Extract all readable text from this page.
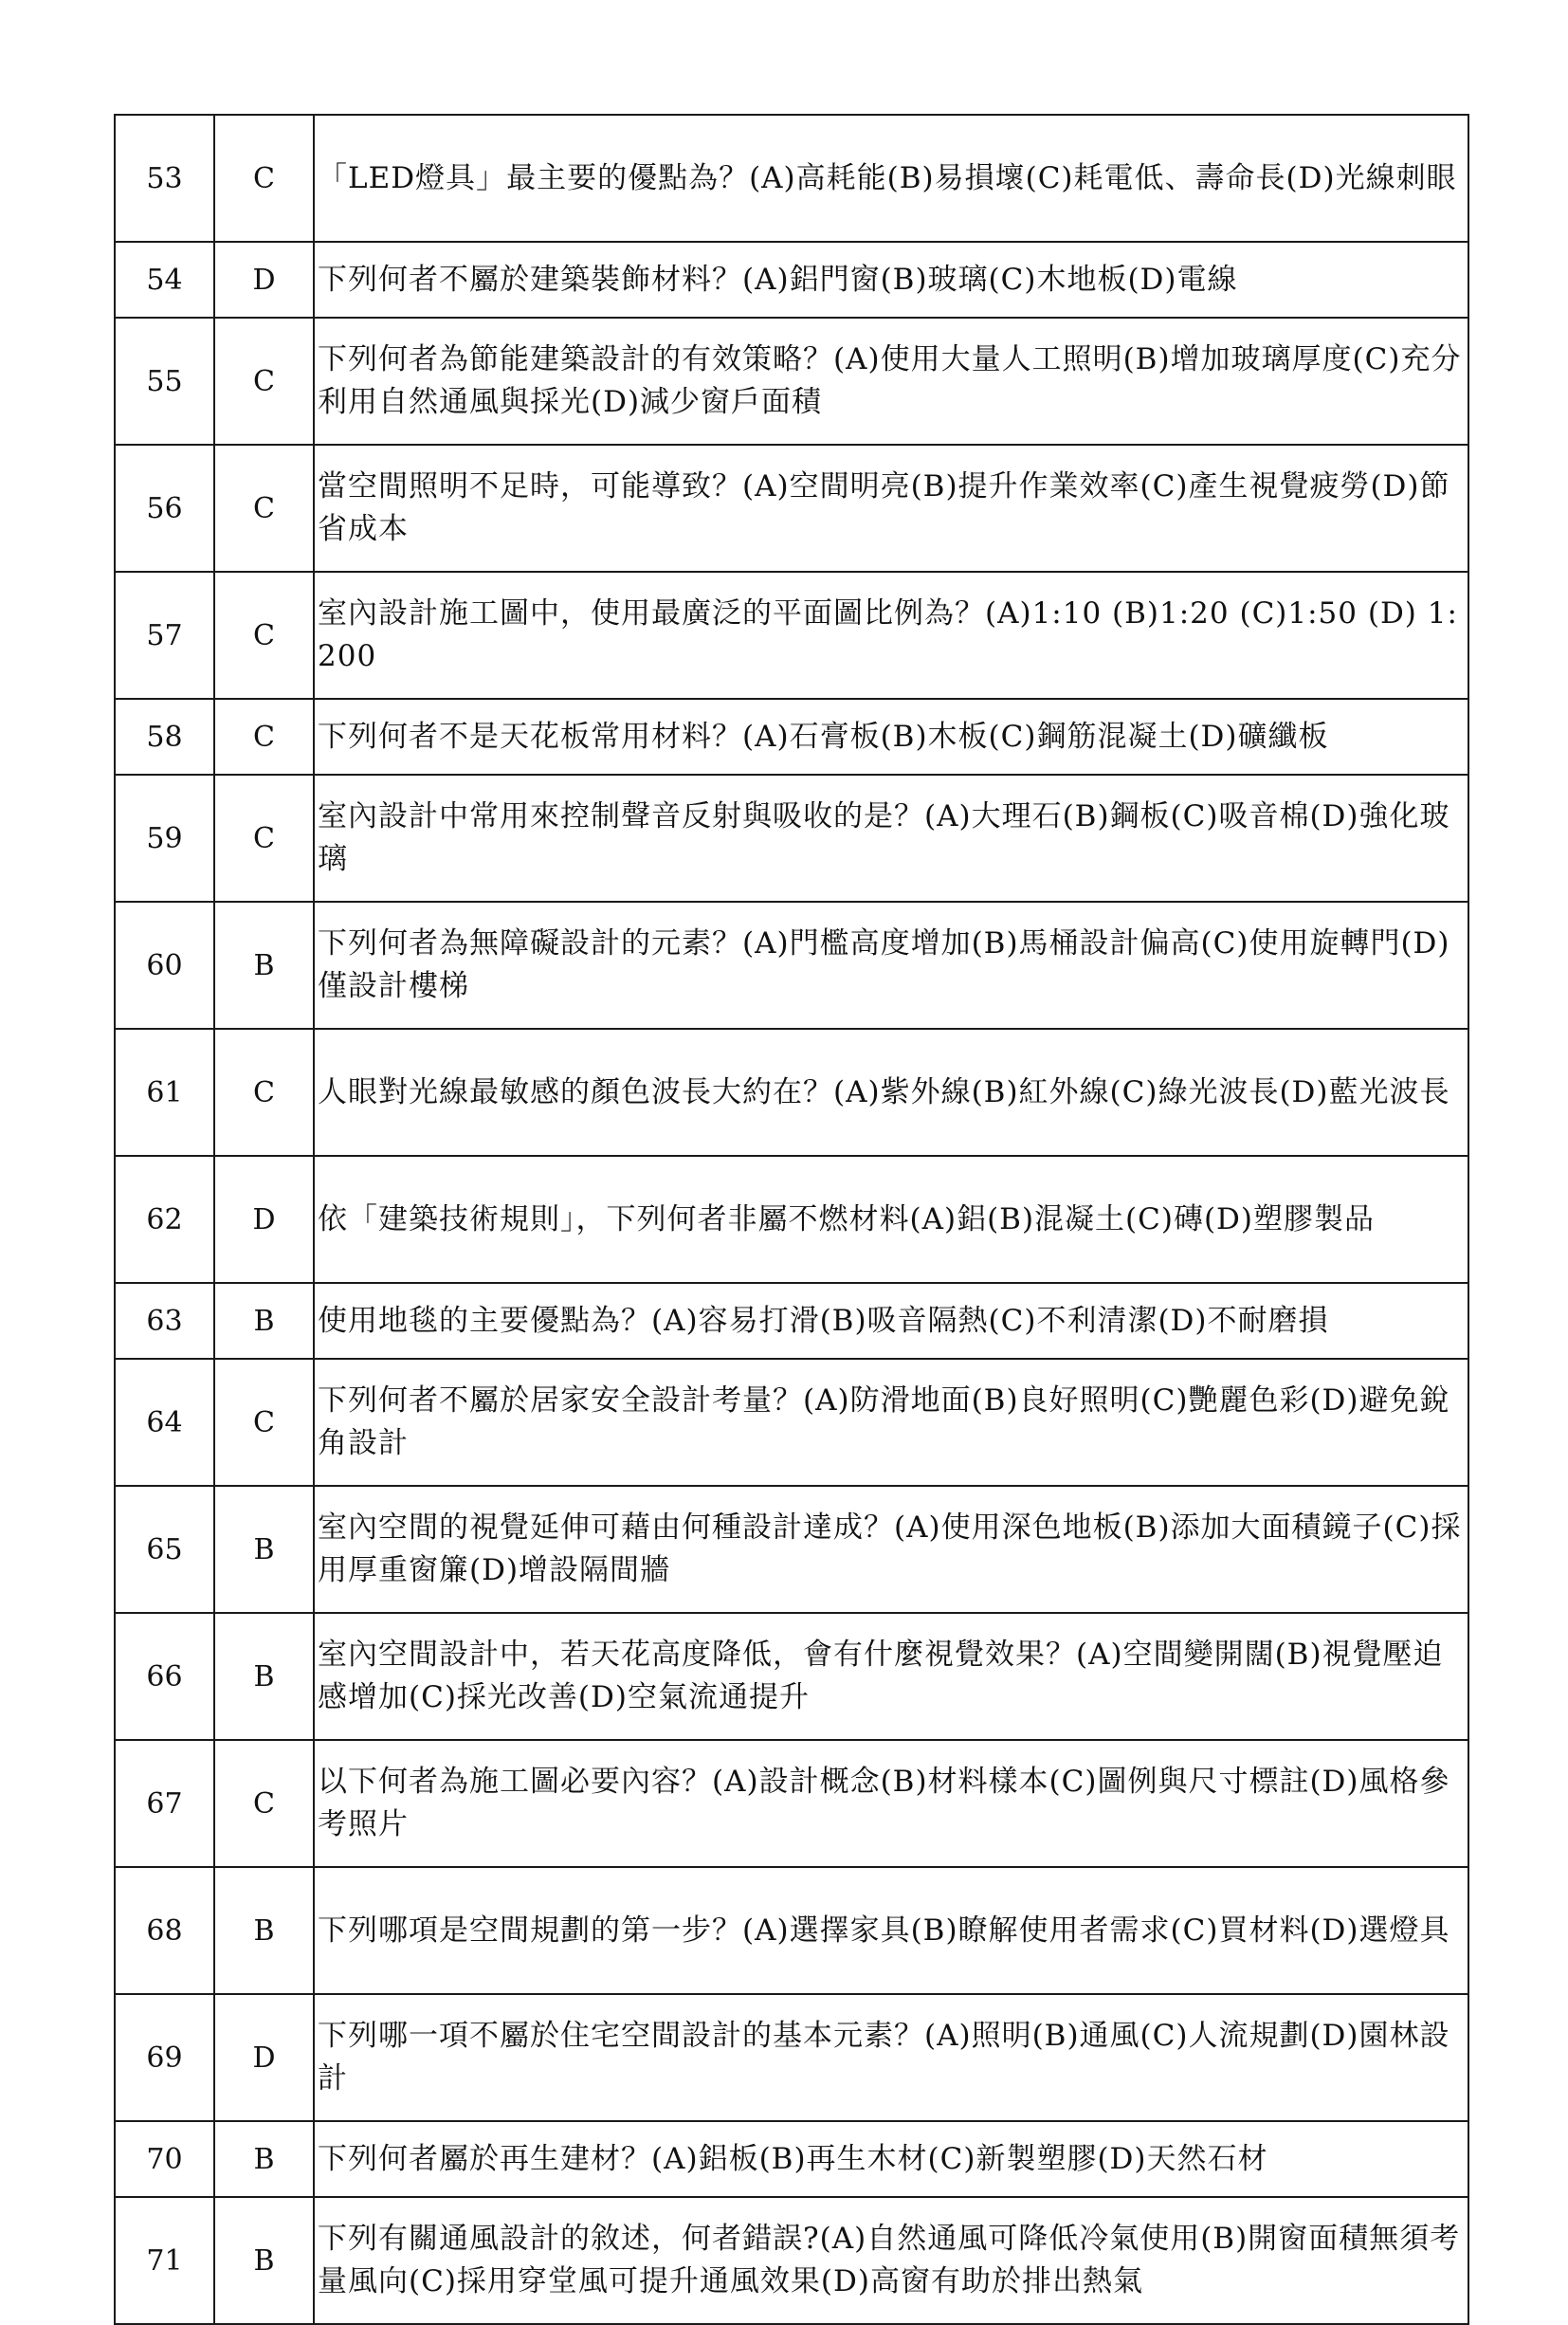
53	C	「LED燈具」最主要的優點為？(A)高耗能(B)易損壞(C)耗電低、壽命長(D)光線刺眼
54	D	下列何者不屬於建築裝飾材料？(A)鋁門窗(B)玻璃(C)木地板(D)電線
55	C	下列何者為節能建築設計的有效策略？(A)使用大量人工照明(B)增加玻璃厚度(C)充分利用自然通風與採光(D)減少窗戶面積
56	C	當空間照明不足時，可能導致？(A)空間明亮(B)提升作業效率(C)產生視覺疲勞(D)節省成本
57	C	室內設計施工圖中，使用最廣泛的平面圖比例為？(A)1:10 (B)1:20 (C)1:50 (D) 1:200
58	C	下列何者不是天花板常用材料？(A)石膏板(B)木板(C)鋼筋混凝土(D)礦纖板
59	C	室內設計中常用來控制聲音反射與吸收的是？(A)大理石(B)鋼板(C)吸音棉(D)強化玻璃
60	B	下列何者為無障礙設計的元素？(A)門檻高度增加(B)馬桶設計偏高(C)使用旋轉門(D)僅設計樓梯
61	C	人眼對光線最敏感的顏色波長大約在？(A)紫外線(B)紅外線(C)綠光波長(D)藍光波長
62	D	依「建築技術規則」，下列何者非屬不燃材料(A)鋁(B)混凝土(C)磚(D)塑膠製品
63	B	使用地毯的主要優點為？(A)容易打滑(B)吸音隔熱(C)不利清潔(D)不耐磨損
64	C	下列何者不屬於居家安全設計考量？(A)防滑地面(B)良好照明(C)艷麗色彩(D)避免銳角設計
65	B	室內空間的視覺延伸可藉由何種設計達成？(A)使用深色地板(B)添加大面積鏡子(C)採用厚重窗簾(D)增設隔間牆
66	B	室內空間設計中，若天花高度降低，會有什麼視覺效果？(A)空間變開闊(B)視覺壓迫感增加(C)採光改善(D)空氣流通提升
67	C	以下何者為施工圖必要內容？(A)設計概念(B)材料樣本(C)圖例與尺寸標註(D)風格參考照片
68	B	下列哪項是空間規劃的第一步？(A)選擇家具(B)瞭解使用者需求(C)買材料(D)選燈具
69	D	下列哪一項不屬於住宅空間設計的基本元素？(A)照明(B)通風(C)人流規劃(D)園林設計
70	B	下列何者屬於再生建材？(A)鋁板(B)再生木材(C)新製塑膠(D)天然石材
71	B	下列有關通風設計的敘述，何者錯誤?(A)自然通風可降低冷氣使用(B)開窗面積無須考量風向(C)採用穿堂風可提升通風效果(D)高窗有助於排出熱氣
